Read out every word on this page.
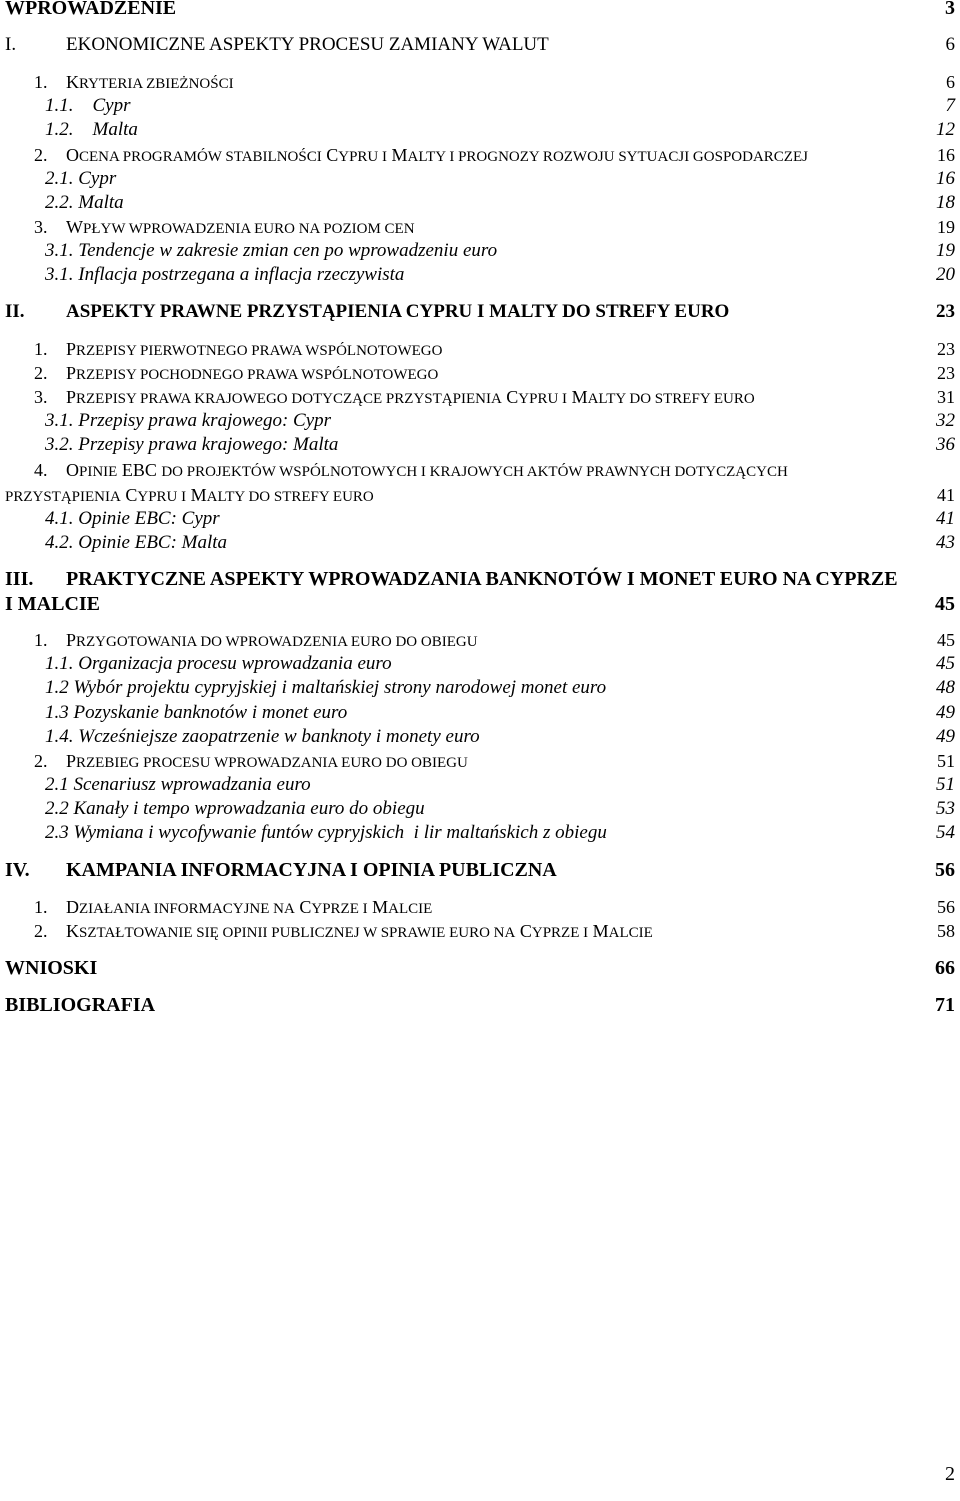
WPROWADZENIE	3
I.	EKONOMICZNE ASPEKTY PROCESU ZAMIANY WALUT	6
1. KRYTERIA ZBIEŻNOŚCI	6
1.1.    Cypr	7
1.2.    Malta	12
2. OCENA PROGRAMÓW STABILNOŚCI CYPRU I MALTY I PROGNOZY ROZWOJU SYTUACJI GOSPODARCZEJ	16
2.1. Cypr	16
2.2. Malta	18
3. WPŁYW WPROWADZENIA EURO NA POZIOM CEN	19
3.1. Tendencje w zakresie zmian cen po wprowadzeniu euro	19
3.1. Inflacja postrzegana a inflacja rzeczywista	20
II. ASPEKTY PRAWNE PRZYSTĄPIENIA CYPRU I MALTY DO STREFY EURO	23
1. PRZEPISY PIERWOTNEGO PRAWA WSPÓLNOTOWEGO	23
2. PRZEPISY POCHODNEGO PRAWA WSPÓLNOTOWEGO	23
3. PRZEPISY PRAWA KRAJOWEGO DOTYCZĄCE PRZYSTĄPIENIA CYPRU I MALTY DO STREFY EURO	31
3.1. Przepisy prawa krajowego: Cypr	32
3.2. Przepisy prawa krajowego: Malta	36
4. OPINIE EBC DO PROJEKTÓW WSPÓLNOTOWYCH I KRAJOWYCH AKTÓW PRAWNYCH DOTYCZĄCYCH
PRZYSTĄPIENIA CYPRU I MALTY DO STREFY EURO	41
4.1. Opinie EBC: Cypr	41
4.2. Opinie EBC: Malta	43
III. PRAKTYCZNE ASPEKTY WPROWADZANIA BANKNOTÓW I MONET EURO NA CYPRZE
I MALCIE	45
1. PRZYGOTOWANIA DO WPROWADZENIA EURO DO OBIEGU	45
1.1. Organizacja procesu wprowadzania euro	45
1.2 Wybór projektu cypryjskiej i maltańskiej strony narodowej monet euro	48
1.3 Pozyskanie banknotów i monet euro	49
1.4. Wcześniejsze zaopatrzenie w banknoty i monety euro	49
2. PRZEBIEG PROCESU WPROWADZANIA EURO DO OBIEGU	51
2.1 Scenariusz wprowadzania euro	51
2.2 Kanały i tempo wprowadzania euro do obiegu	53
2.3 Wymiana i wycofywanie funtów cypryjskich  i lir maltańskich z obiegu	54
IV. KAMPANIA INFORMACYJNA I OPINIA PUBLICZNA	56
1. DZIAŁANIA INFORMACYJNE NA CYPRZE I MALCIE	56
2. KSZTAŁTOWANIE SIĘ OPINII PUBLICZNEJ W SPRAWIE EURO NA CYPRZE I MALCIE	58
WNIOSKI	66
BIBLIOGRAFIA	71
2
